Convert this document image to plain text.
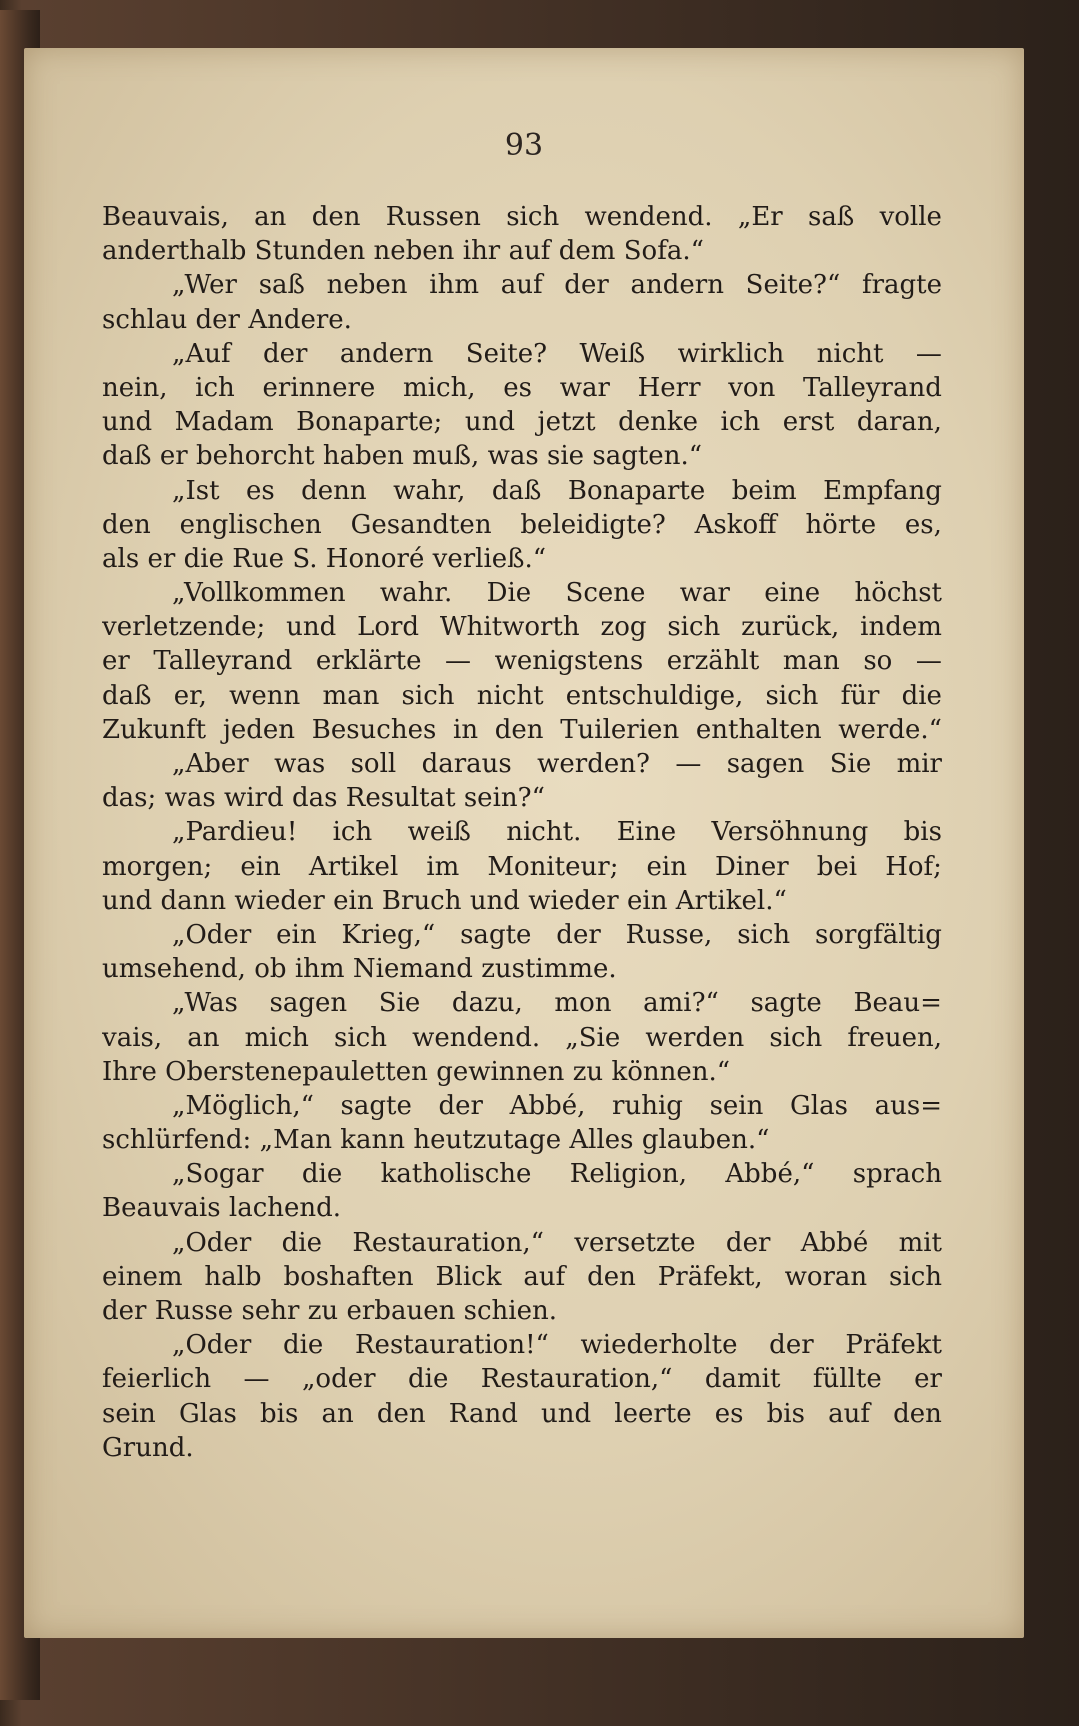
93
Beauvais, an den Russen sich wendend. „Er saß volle
anderthalb Stunden neben ihr auf dem Sofa.“
„Wer saß neben ihm auf der andern Seite?“ fragte
schlau der Andere.
„Auf der andern Seite? Weiß wirklich nicht —
nein, ich erinnere mich, es war Herr von Talleyrand
und Madam Bonaparte; und jetzt denke ich erst daran,
daß er behorcht haben muß, was sie sagten.“
„Ist es denn wahr, daß Bonaparte beim Empfang
den englischen Gesandten beleidigte? Askoff hörte es,
als er die Rue S. Honoré verließ.“
„Vollkommen wahr. Die Scene war eine höchst
verletzende; und Lord Whitworth zog sich zurück, indem
er Talleyrand erklärte — wenigstens erzählt man so —
daß er, wenn man sich nicht entschuldige, sich für die
Zukunft jeden Besuches in den Tuilerien enthalten werde.“
„Aber was soll daraus werden? — sagen Sie mir
das; was wird das Resultat sein?“
„Pardieu! ich weiß nicht. Eine Versöhnung bis
morgen; ein Artikel im Moniteur; ein Diner bei Hof;
und dann wieder ein Bruch und wieder ein Artikel.“
„Oder ein Krieg,“ sagte der Russe, sich sorgfältig
umsehend, ob ihm Niemand zustimme.
„Was sagen Sie dazu, mon ami?“ sagte Beau=
vais, an mich sich wendend. „Sie werden sich freuen,
Ihre Oberstenepauletten gewinnen zu können.“
„Möglich,“ sagte der Abbé, ruhig sein Glas aus=
schlürfend: „Man kann heutzutage Alles glauben.“
„Sogar die katholische Religion, Abbé,“ sprach
Beauvais lachend.
„Oder die Restauration,“ versetzte der Abbé mit
einem halb boshaften Blick auf den Präfekt, woran sich
der Russe sehr zu erbauen schien.
„Oder die Restauration!“ wiederholte der Präfekt
feierlich — „oder die Restauration,“ damit füllte er
sein Glas bis an den Rand und leerte es bis auf den
Grund.
